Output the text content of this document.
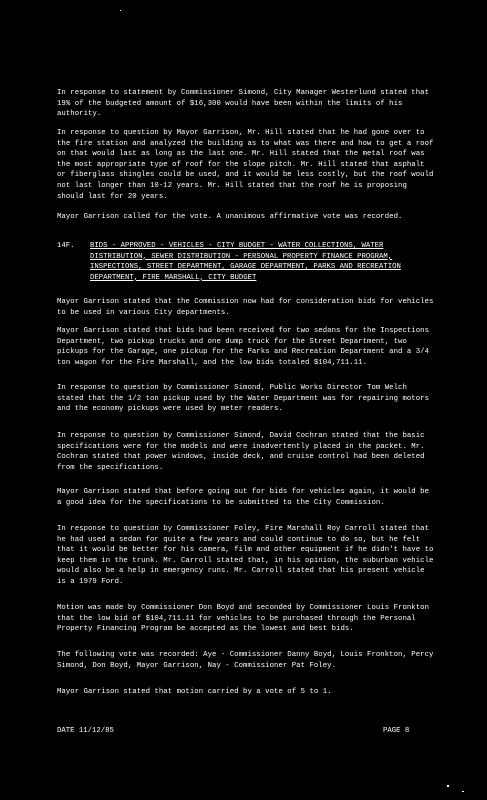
In response to statement by Commissioner Simond, City Manager Westerlund stated that 19% of the budgeted amount of $16,300 would have been within the limits of his authority.

In response to question by Mayor Garrison, Mr. Hill stated that he had gone over to the fire station and analyzed the building as to what was there and how to get a roof on that would last as long as the last one. Mr. Hill stated that the metal roof was the most appropriate type of roof for the slope pitch. Mr. Hill stated that asphalt or fiberglass shingles could be used, and it would be less costly, but the roof would not last longer than 10-12 years. Mr. Hill stated that the roof he is proposing should last for 20 years.

Mayor Garrison called for the vote. A unanimous affirmative vote was recorded.

14F. BIDS - APPROVED - VEHICLES - CITY BUDGET - WATER COLLECTIONS, WATER DISTRIBUTION, SEWER DISTRIBUTION - PERSONAL PROPERTY FINANCE PROGRAM, INSPECTIONS, STREET DEPARTMENT, GARAGE DEPARTMENT, PARKS AND RECREATION DEPARTMENT, FIRE MARSHALL, CITY BUDGET

Mayor Garrison stated that the Commission now had for consideration bids for vehicles to be used in various City departments.

Mayor Garrison stated that bids had been received for two sedans for the Inspections Department, two pickup trucks and one dump truck for the Street Department, two pickups for the Garage, one pickup for the Parks and Recreation Department and a 3/4 ton wagon for the Fire Marshall, and the low bids totaled $104,711.11.

In response to question by Commissioner Simond, Public Works Director Tom Welch stated that the 1/2 ton pickup used by the Water Department was for repairing motors and the economy pickups were used by meter readers.

In response to question by Commissioner Simond, David Cochran stated that the basic specifications were for the models and were inadvertently placed in the packet. Mr. Cochran stated that power windows, inside deck, and cruise control had been deleted from the specifications.

Mayor Garrison stated that before going out for bids for vehicles again, it would be a good idea for the specifications to be submitted to the City Commission.

In response to question by Commissioner Foley, Fire Marshall Roy Carroll stated that he had used a sedan for quite a few years and could continue to do so, but he felt that it would be better for his camera, film and other equipment if he didn't have to keep them in the trunk. Mr. Carroll stated that, in his opinion, the suburban vehicle would also be a help in emergency runs. Mr. Carroll stated that his present vehicle is a 1979 Ford.

Motion was made by Commissioner Don Boyd and seconded by Commissioner Louis Fronkton that the low bid of $104,711.11 for vehicles to be purchased through the Personal Property Financing Program be accepted as the lowest and best bids.

The following vote was recorded: Aye - Commissioner Danny Boyd, Louis Fronkton, Percy Simond, Don Boyd, Mayor Garrison, Nay - Commissioner Pat Foley.

Mayor Garrison stated that motion carried by a vote of 5 to 1.

DATE 11/12/85	PAGE 8
